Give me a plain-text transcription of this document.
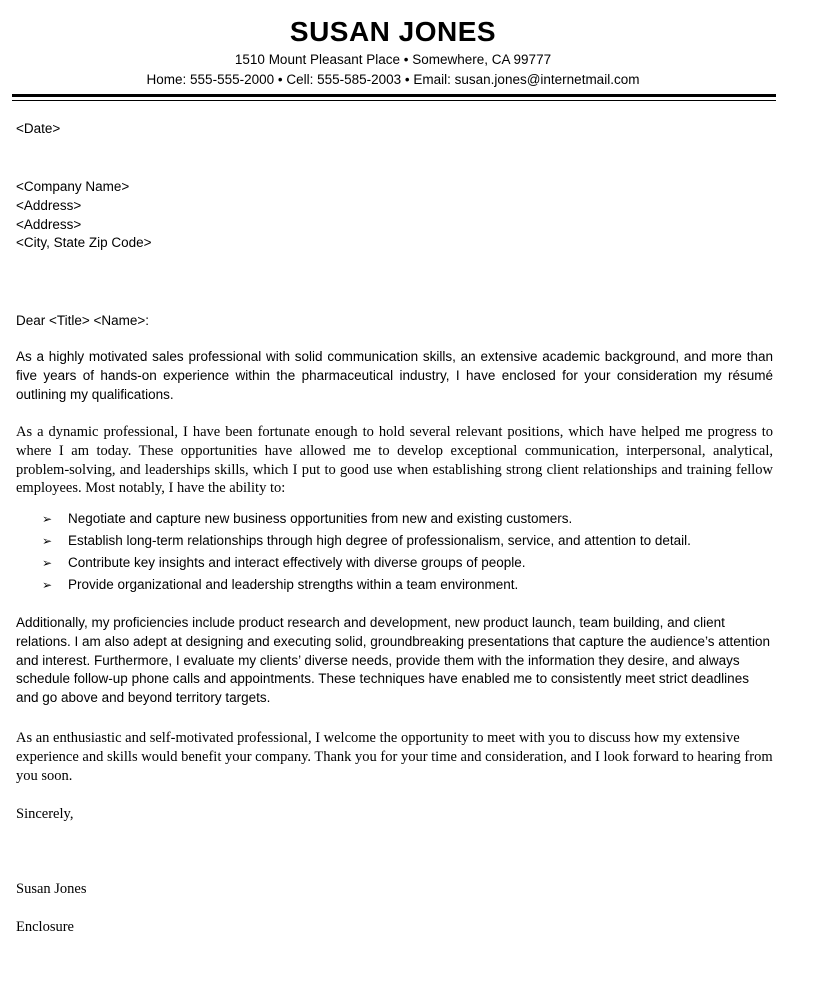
SUSAN JONES
1510 Mount Pleasant Place • Somewhere, CA 99777
Home: 555-555-2000 • Cell: 555-585-2003 • Email: susan.jones@internetmail.com
<Date>
<Company Name>
<Address>
<Address>
<City, State Zip Code>
Dear <Title> <Name>:
As a highly motivated sales professional with solid communication skills, an extensive academic background, and more than five years of hands-on experience within the pharmaceutical industry, I have enclosed for your consideration my résumé outlining my qualifications.
As a dynamic professional, I have been fortunate enough to hold several relevant positions, which have helped me progress to where I am today. These opportunities have allowed me to develop exceptional communication, interpersonal, analytical, problem-solving, and leaderships skills, which I put to good use when establishing strong client relationships and training fellow employees. Most notably, I have the ability to:
➢ Negotiate and capture new business opportunities from new and existing customers.
➢ Establish long-term relationships through high degree of professionalism, service, and attention to detail.
➢ Contribute key insights and interact effectively with diverse groups of people.
➢ Provide organizational and leadership strengths within a team environment.
Additionally, my proficiencies include product research and development, new product launch, team building, and client relations. I am also adept at designing and executing solid, groundbreaking presentations that capture the audience’s attention and interest. Furthermore, I evaluate my clients’ diverse needs, provide them with the information they desire, and always schedule follow-up phone calls and appointments. These techniques have enabled me to consistently meet strict deadlines and go above and beyond territory targets.
As an enthusiastic and self-motivated professional, I welcome the opportunity to meet with you to discuss how my extensive experience and skills would benefit your company. Thank you for your time and consideration, and I look forward to hearing from you soon.
Sincerely,
Susan Jones
Enclosure
